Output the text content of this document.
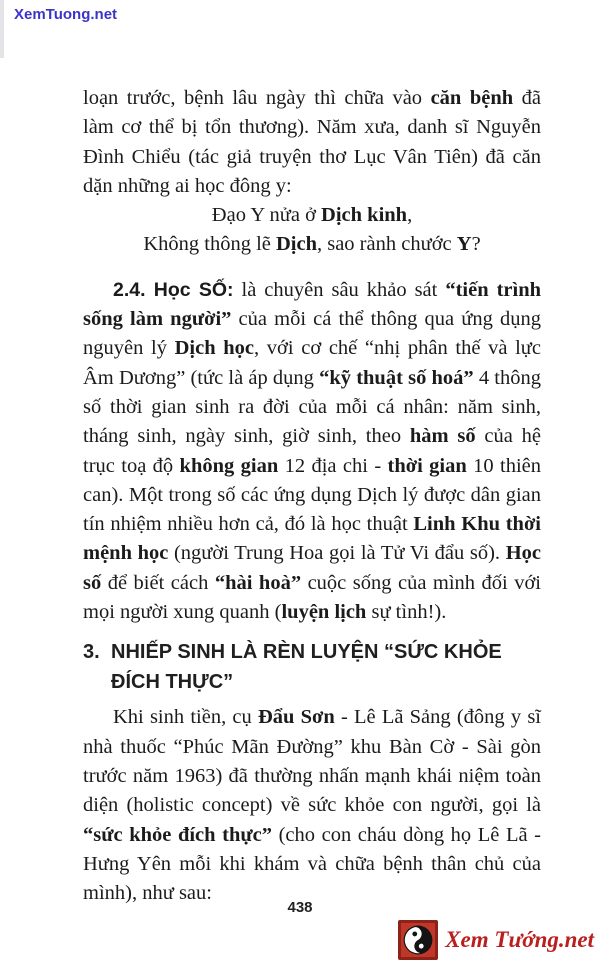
XemTuong.net

loạn trước, bệnh lâu ngày thì chữa vào căn bệnh đã làm cơ thể bị tổn thương). Năm xưa, danh sĩ Nguyễn Đình Chiểu (tác giả truyện thơ Lục Vân Tiên) đã căn dặn những ai học đông y:

Đạo Y nửa ở Dịch kinh,

Không thông lẽ Dịch, sao rành chước Y?

2.4. Học SỐ: là chuyên sâu khảo sát “tiến trình sống làm người” của mỗi cá thể thông qua ứng dụng nguyên lý Dịch học, với cơ chế “nhị phân thế và lực Âm Dương” (tức là áp dụng “kỹ thuật số hoá” 4 thông số thời gian sinh ra đời của mỗi cá nhân: năm sinh, tháng sinh, ngày sinh, giờ sinh, theo hàm số của hệ trục toạ độ không gian 12 địa chi - thời gian 10 thiên can). Một trong số các ứng dụng Dịch lý được dân gian tín nhiệm nhiều hơn cả, đó là học thuật Linh Khu thời mệnh học (người Trung Hoa gọi là Tử Vi đẩu số). Học số để biết cách “hài hoà” cuộc sống của mình đối với mọi người xung quanh (luyện lịch sự tình!).

3. NHIẾP SINH LÀ RÈN LUYỆN “SỨC KHỎE ĐÍCH THỰC”

Khi sinh tiền, cụ Đẩu Sơn - Lê Lã Sảng (đông y sĩ nhà thuốc “Phúc Mãn Đường” khu Bàn Cờ - Sài gòn trước năm 1963) đã thường nhấn mạnh khái niệm toàn diện (holistic concept) về sức khỏe con người, gọi là “sức khỏe đích thực” (cho con cháu dòng họ Lê Lã - Hưng Yên mỗi khi khám và chữa bệnh thân chủ của mình), như sau:

438
Xem Tướng.net
